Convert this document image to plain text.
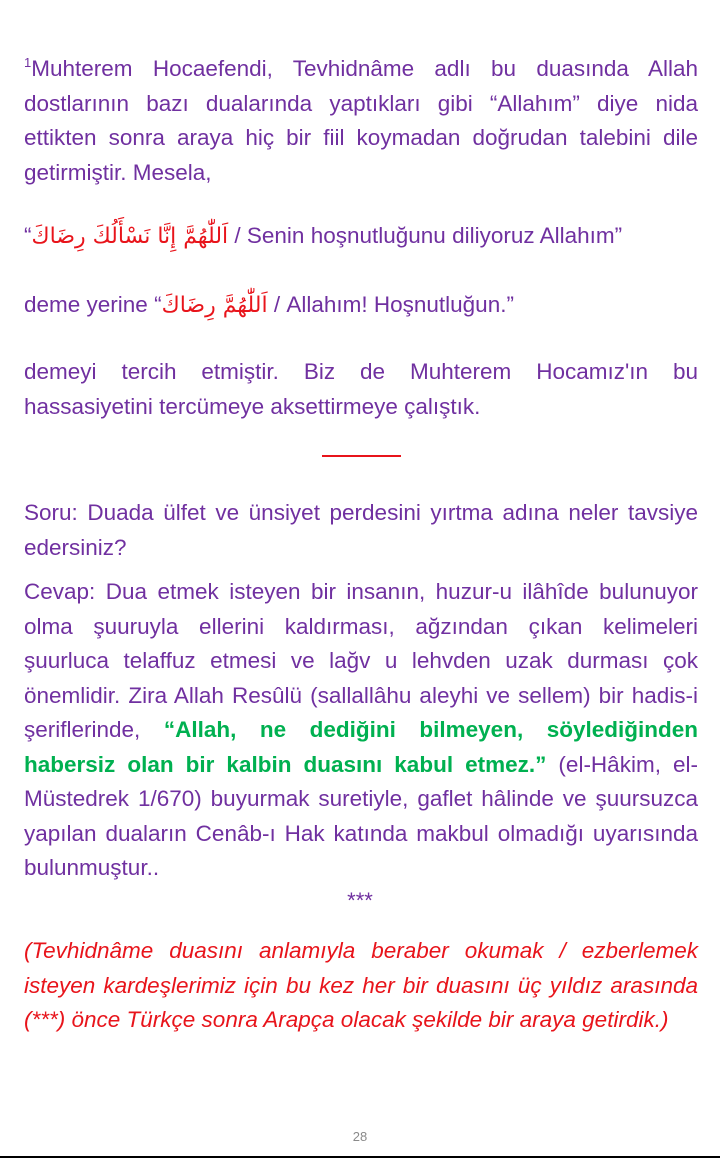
$^1$Muhterem Hocaefendi, Tevhidnâme adlı bu duasında Allah dostlarının bazı dualarında yaptıkları gibi “Allahım” diye nida ettikten sonra araya hiç bir fiil koymadan doğrudan talebini dile getirmiştir. Mesela,

“اَللّٰهُمَّ إِنَّا نَسْأَلُكَ رِضَاكَ / Senin hoşnutluğunu diliyoruz Allahım”

deme yerine “اَللّٰهُمَّ رِضَاكَ / Allahım! Hoşnutluğun.”

demeyi tercih etmiştir. Biz de Muhterem Hocamız'ın bu hassasiyetini tercümeye aksettirmeye çalıştık.

Soru: Duada ülfet ve ünsiyet perdesini yırtma adına neler tavsiye edersiniz?

Cevap: Dua etmek isteyen bir insanın, huzur-u ilâhîde bulunuyor olma şuuruyla ellerini kaldırması, ağzından çıkan kelimeleri şuurluca telaffuz etmesi ve lağv u lehvden uzak durması çok önemlidir. Zira Allah Resûlü (sallallâhu aleyhi ve sellem) bir hadis-i şeriflerinde, “Allah, ne dediğini bilmeyen, söylediğinden habersiz olan bir kalbin duasını kabul etmez.” (el-Hâkim, el-Müstedrek 1/670) buyurmak suretiyle, gaflet hâlinde ve şuursuzca yapılan duaların Cenâb-ı Hak katında makbul olmadığı uyarısında bulunmuştur..

(Tevhidnâme duasını anlamıyla beraber okumak / ezberlemek isteyen kardeşlerimiz için bu kez her bir duasını üç yıldız arasında (***) önce Türkçe sonra Arapça olacak şekilde bir araya getirdik.)

***
28
